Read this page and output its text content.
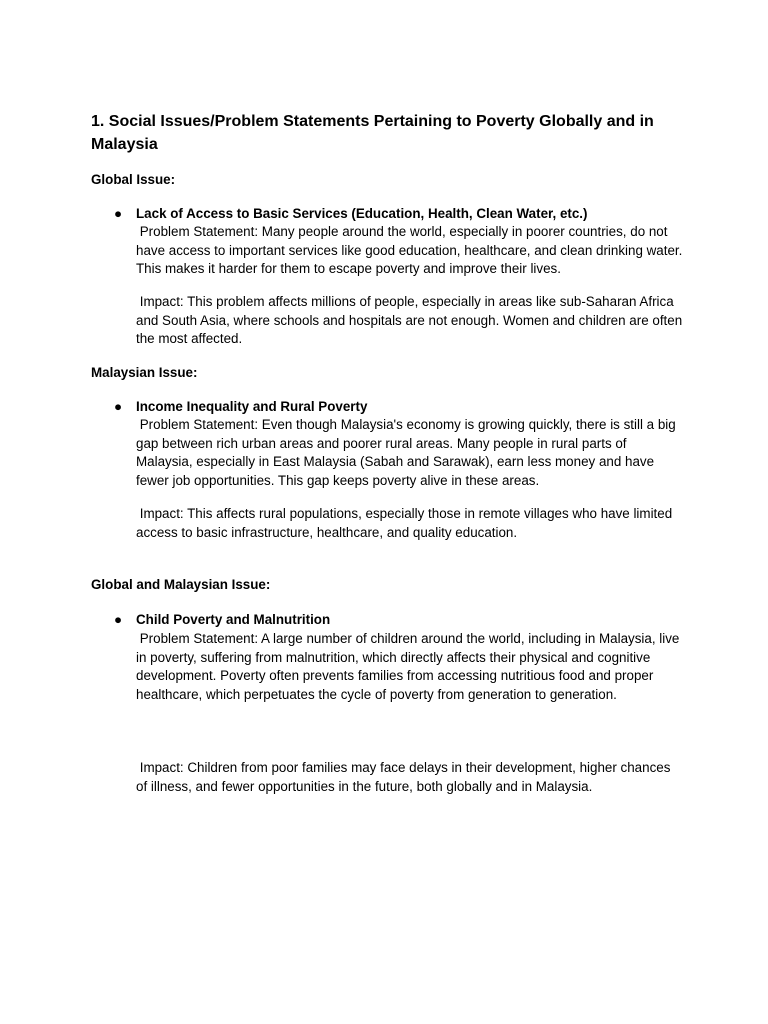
1. Social Issues/Problem Statements Pertaining to Poverty Globally and in Malaysia

Global Issue:

● Lack of Access to Basic Services (Education, Health, Clean Water, etc.)

Problem Statement: Many people around the world, especially in poorer countries, do not have access to important services like good education, healthcare, and clean drinking water. This makes it harder for them to escape poverty and improve their lives.

Impact: This problem affects millions of people, especially in areas like sub-Saharan Africa and South Asia, where schools and hospitals are not enough. Women and children are often the most affected.

Malaysian Issue:

● Income Inequality and Rural Poverty

Problem Statement: Even though Malaysia's economy is growing quickly, there is still a big gap between rich urban areas and poorer rural areas. Many people in rural parts of Malaysia, especially in East Malaysia (Sabah and Sarawak), earn less money and have fewer job opportunities. This gap keeps poverty alive in these areas.

Impact: This affects rural populations, especially those in remote villages who have limited access to basic infrastructure, healthcare, and quality education.

Global and Malaysian Issue:

● Child Poverty and Malnutrition

Problem Statement: A large number of children around the world, including in Malaysia, live in poverty, suffering from malnutrition, which directly affects their physical and cognitive development. Poverty often prevents families from accessing nutritious food and proper healthcare, which perpetuates the cycle of poverty from generation to generation.

Impact: Children from poor families may face delays in their development, higher chances of illness, and fewer opportunities in the future, both globally and in Malaysia.
